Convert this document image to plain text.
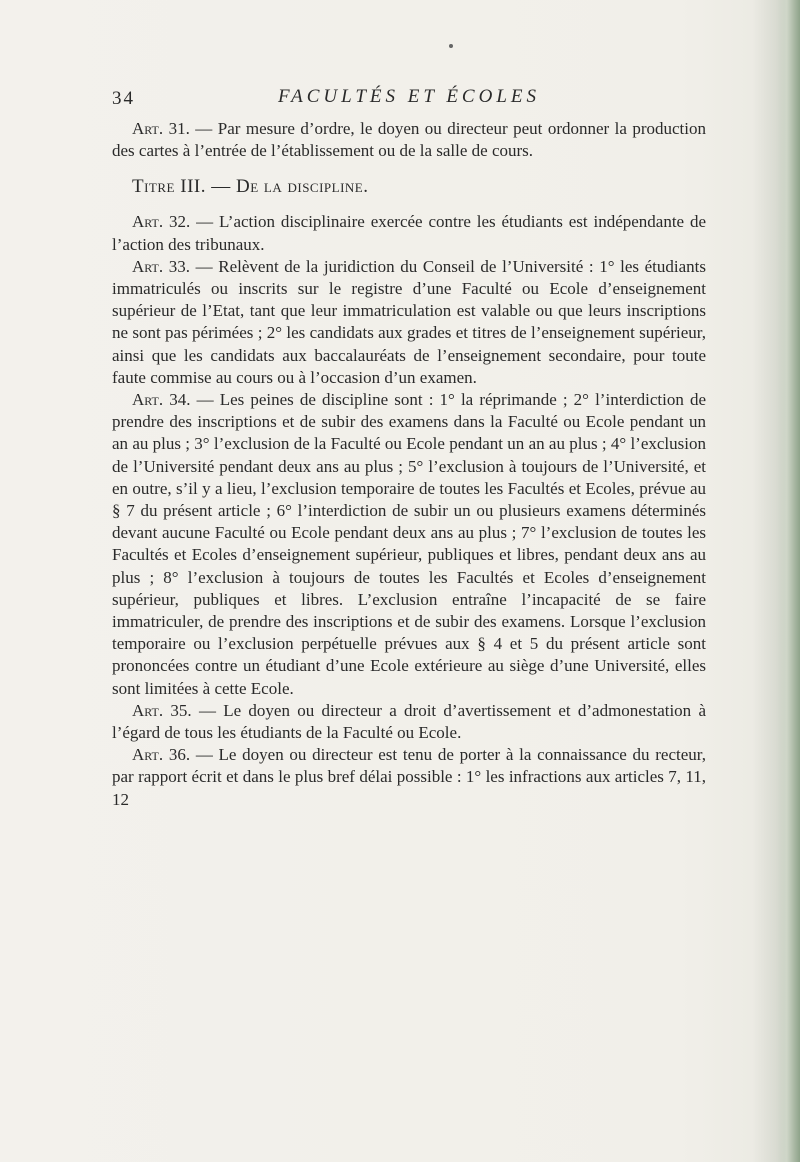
34	FACULTÉS ET ÉCOLES

Art. 31. — Par mesure d’ordre, le doyen ou directeur peut ordonner la production des cartes à l’entrée de l’établissement ou de la salle de cours.

Titre III. — De la discipline.

Art. 32. — L’action disciplinaire exercée contre les étudiants est indépendante de l’action des tribunaux.

Art. 33. — Relèvent de la juridiction du Conseil de l’Université : 1° les étudiants immatriculés ou inscrits sur le registre d’une Faculté ou Ecole d’enseignement supérieur de l’Etat, tant que leur immatriculation est valable ou que leurs inscriptions ne sont pas périmées ; 2° les candidats aux grades et titres de l’enseignement supérieur, ainsi que les candidats aux baccalauréats de l’enseignement secondaire, pour toute faute commise au cours ou à l’occasion d’un examen.

Art. 34. — Les peines de discipline sont : 1° la réprimande ; 2° l’interdiction de prendre des inscriptions et de subir des examens dans la Faculté ou Ecole pendant un an au plus ; 3° l’exclusion de la Faculté ou Ecole pendant un an au plus ; 4° l’exclusion de l’Université pendant deux ans au plus ; 5° l’exclusion à toujours de l’Université, et en outre, s’il y a lieu, l’exclusion temporaire de toutes les Facultés et Ecoles, prévue au § 7 du présent article ; 6° l’interdiction de subir un ou plusieurs examens déterminés devant aucune Faculté ou Ecole pendant deux ans au plus ; 7° l’exclusion de toutes les Facultés et Ecoles d’enseignement supérieur, publiques et libres, pendant deux ans au plus ; 8° l’exclusion à toujours de toutes les Facultés et Ecoles d’enseignement supérieur, publiques et libres. L’exclusion entraîne l’incapacité de se faire immatriculer, de prendre des inscriptions et de subir des examens. Lorsque l’exclusion temporaire ou l’exclusion perpétuelle prévues aux § 4 et 5 du présent article sont prononcées contre un étudiant d’une Ecole extérieure au siège d’une Université, elles sont limitées à cette Ecole.

Art. 35. — Le doyen ou directeur a droit d’avertissement et d’admonestation à l’égard de tous les étudiants de la Faculté ou Ecole.

Art. 36. — Le doyen ou directeur est tenu de porter à la connaissance du recteur, par rapport écrit et dans le plus bref délai possible : 1° les infractions aux articles 7, 11, 12
